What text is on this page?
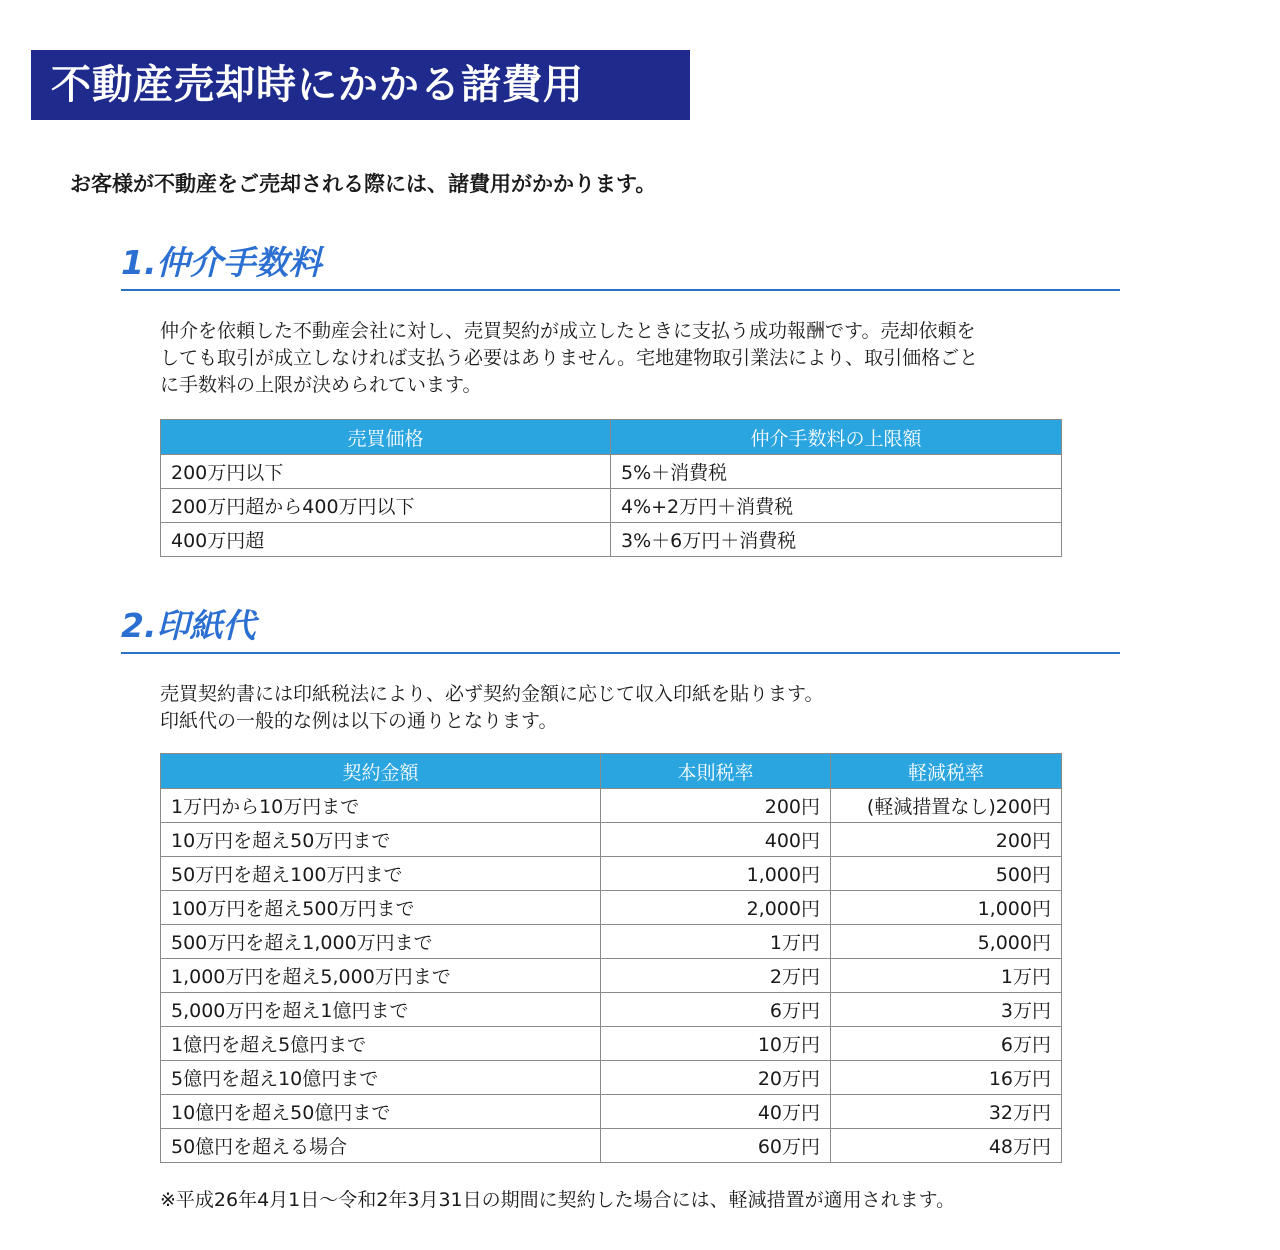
不動産売却時にかかる諸費用
お客様が不動産をご売却される際には、諸費用がかかります。
1.仲介手数料
仲介を依頼した不動産会社に対し、売買契約が成立したときに支払う成功報酬です。売却依頼を
しても取引が成立しなければ支払う必要はありません。宅地建物取引業法により、取引価格ごと
に手数料の上限が決められています。
売買価格	仲介手数料の上限額
200万円以下	5%＋消費税
200万円超から400万円以下	4%+2万円＋消費税
400万円超	3%＋6万円＋消費税
2.印紙代
売買契約書には印紙税法により、必ず契約金額に応じて収入印紙を貼ります。
印紙代の一般的な例は以下の通りとなります。
契約金額	本則税率	軽減税率
1万円から10万円まで	200円	(軽減措置なし)200円
10万円を超え50万円まで	400円	200円
50万円を超え100万円まで	1,000円	500円
100万円を超え500万円まで	2,000円	1,000円
500万円を超え1,000万円まで	1万円	5,000円
1,000万円を超え5,000万円まで	2万円	1万円
5,000万円を超え1億円まで	6万円	3万円
1億円を超え5億円まで	10万円	6万円
5億円を超え10億円まで	20万円	16万円
10億円を超え50億円まで	40万円	32万円
50億円を超える場合	60万円	48万円
※平成26年4月1日～令和2年3月31日の期間に契約した場合には、軽減措置が適用されます。
